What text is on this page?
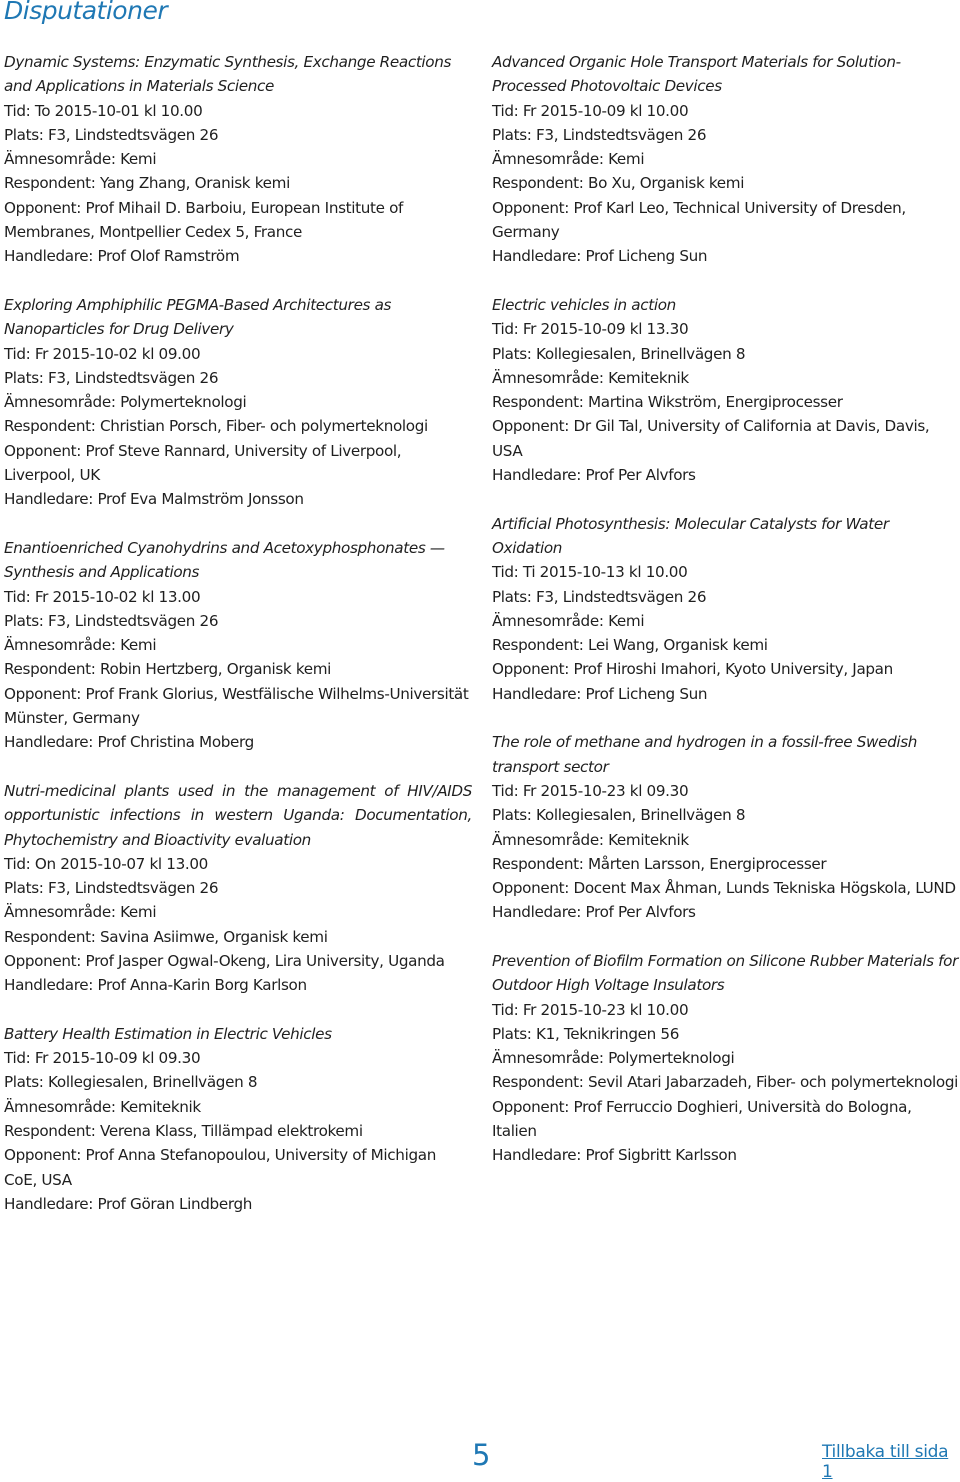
Disputationer
Dynamic Systems: Enzymatic Synthesis, Exchange Reactions and Applications in Materials Science
Tid: To 2015-10-01 kl 10.00
Plats: F3, Lindstedtsvägen 26
Ämnesområde: Kemi
Respondent: Yang Zhang, Oranisk kemi
Opponent: Prof Mihail D. Barboiu, European Institute of Membranes, Montpellier Cedex 5, France
Handledare: Prof Olof Ramström
Exploring Amphiphilic PEGMA-Based Architectures as Nanoparticles for Drug Delivery
Tid: Fr 2015-10-02 kl 09.00
Plats: F3, Lindstedtsvägen 26
Ämnesområde: Polymerteknologi
Respondent: Christian Porsch, Fiber- och polymerteknologi
Opponent: Prof Steve Rannard, University of Liverpool, Liverpool, UK
Handledare: Prof Eva Malmström Jonsson
Enantioenriched Cyanohydrins and Acetoxyphosphonates — Synthesis and Applications
Tid: Fr 2015-10-02 kl 13.00
Plats: F3, Lindstedtsvägen 26
Ämnesområde: Kemi
Respondent: Robin Hertzberg, Organisk kemi
Opponent: Prof Frank Glorius, Westfälische Wilhelms-Universität Münster, Germany
Handledare: Prof Christina Moberg
Nutri-medicinal plants used in the management of HIV/AIDS opportunistic infections in western Uganda: Documentation, Phytochemistry and Bioactivity evaluation
Tid: On 2015-10-07 kl 13.00
Plats: F3, Lindstedtsvägen 26
Ämnesområde: Kemi
Respondent: Savina Asiimwe, Organisk kemi
Opponent: Prof Jasper Ogwal-Okeng, Lira University, Uganda
Handledare: Prof Anna-Karin Borg Karlson
Battery Health Estimation in Electric Vehicles
Tid: Fr 2015-10-09 kl 09.30
Plats: Kollegiesalen, Brinellvägen 8
Ämnesområde: Kemiteknik
Respondent: Verena Klass, Tillämpad elektrokemi
Opponent: Prof Anna Stefanopoulou, University of Michigan CoE, USA
Handledare: Prof Göran Lindbergh
Advanced Organic Hole Transport Materials for Solution-Processed Photovoltaic Devices
Tid: Fr 2015-10-09 kl 10.00
Plats: F3, Lindstedtsvägen 26
Ämnesområde: Kemi
Respondent: Bo Xu, Organisk kemi
Opponent: Prof Karl Leo, Technical University of Dresden, Germany
Handledare: Prof Licheng Sun
Electric vehicles in action
Tid: Fr 2015-10-09 kl 13.30
Plats: Kollegiesalen, Brinellvägen 8
Ämnesområde: Kemiteknik
Respondent: Martina Wikström, Energiprocesser
Opponent: Dr Gil Tal, University of California at Davis, Davis, USA
Handledare: Prof Per Alvfors
Artificial Photosynthesis: Molecular Catalysts for Water Oxidation
Tid: Ti 2015-10-13 kl 10.00
Plats: F3, Lindstedtsvägen 26
Ämnesområde: Kemi
Respondent: Lei Wang, Organisk kemi
Opponent: Prof Hiroshi Imahori, Kyoto University, Japan
Handledare: Prof Licheng Sun
The role of methane and hydrogen in a fossil-free Swedish transport sector
Tid: Fr 2015-10-23 kl 09.30
Plats: Kollegiesalen, Brinellvägen 8
Ämnesområde: Kemiteknik
Respondent: Mårten Larsson, Energiprocesser
Opponent: Docent Max Åhman, Lunds Tekniska Högskola, LUND
Handledare: Prof Per Alvfors
Prevention of Biofilm Formation on Silicone Rubber Materials for Outdoor High Voltage Insulators
Tid: Fr 2015-10-23 kl 10.00
Plats: K1, Teknikringen 56
Ämnesområde: Polymerteknologi
Respondent: Sevil Atari Jabarzadeh, Fiber- och polymerteknologi
Opponent: Prof Ferruccio Doghieri, Università do Bologna, Italien
Handledare: Prof Sigbritt Karlsson
5	Tillbaka till sida 1
